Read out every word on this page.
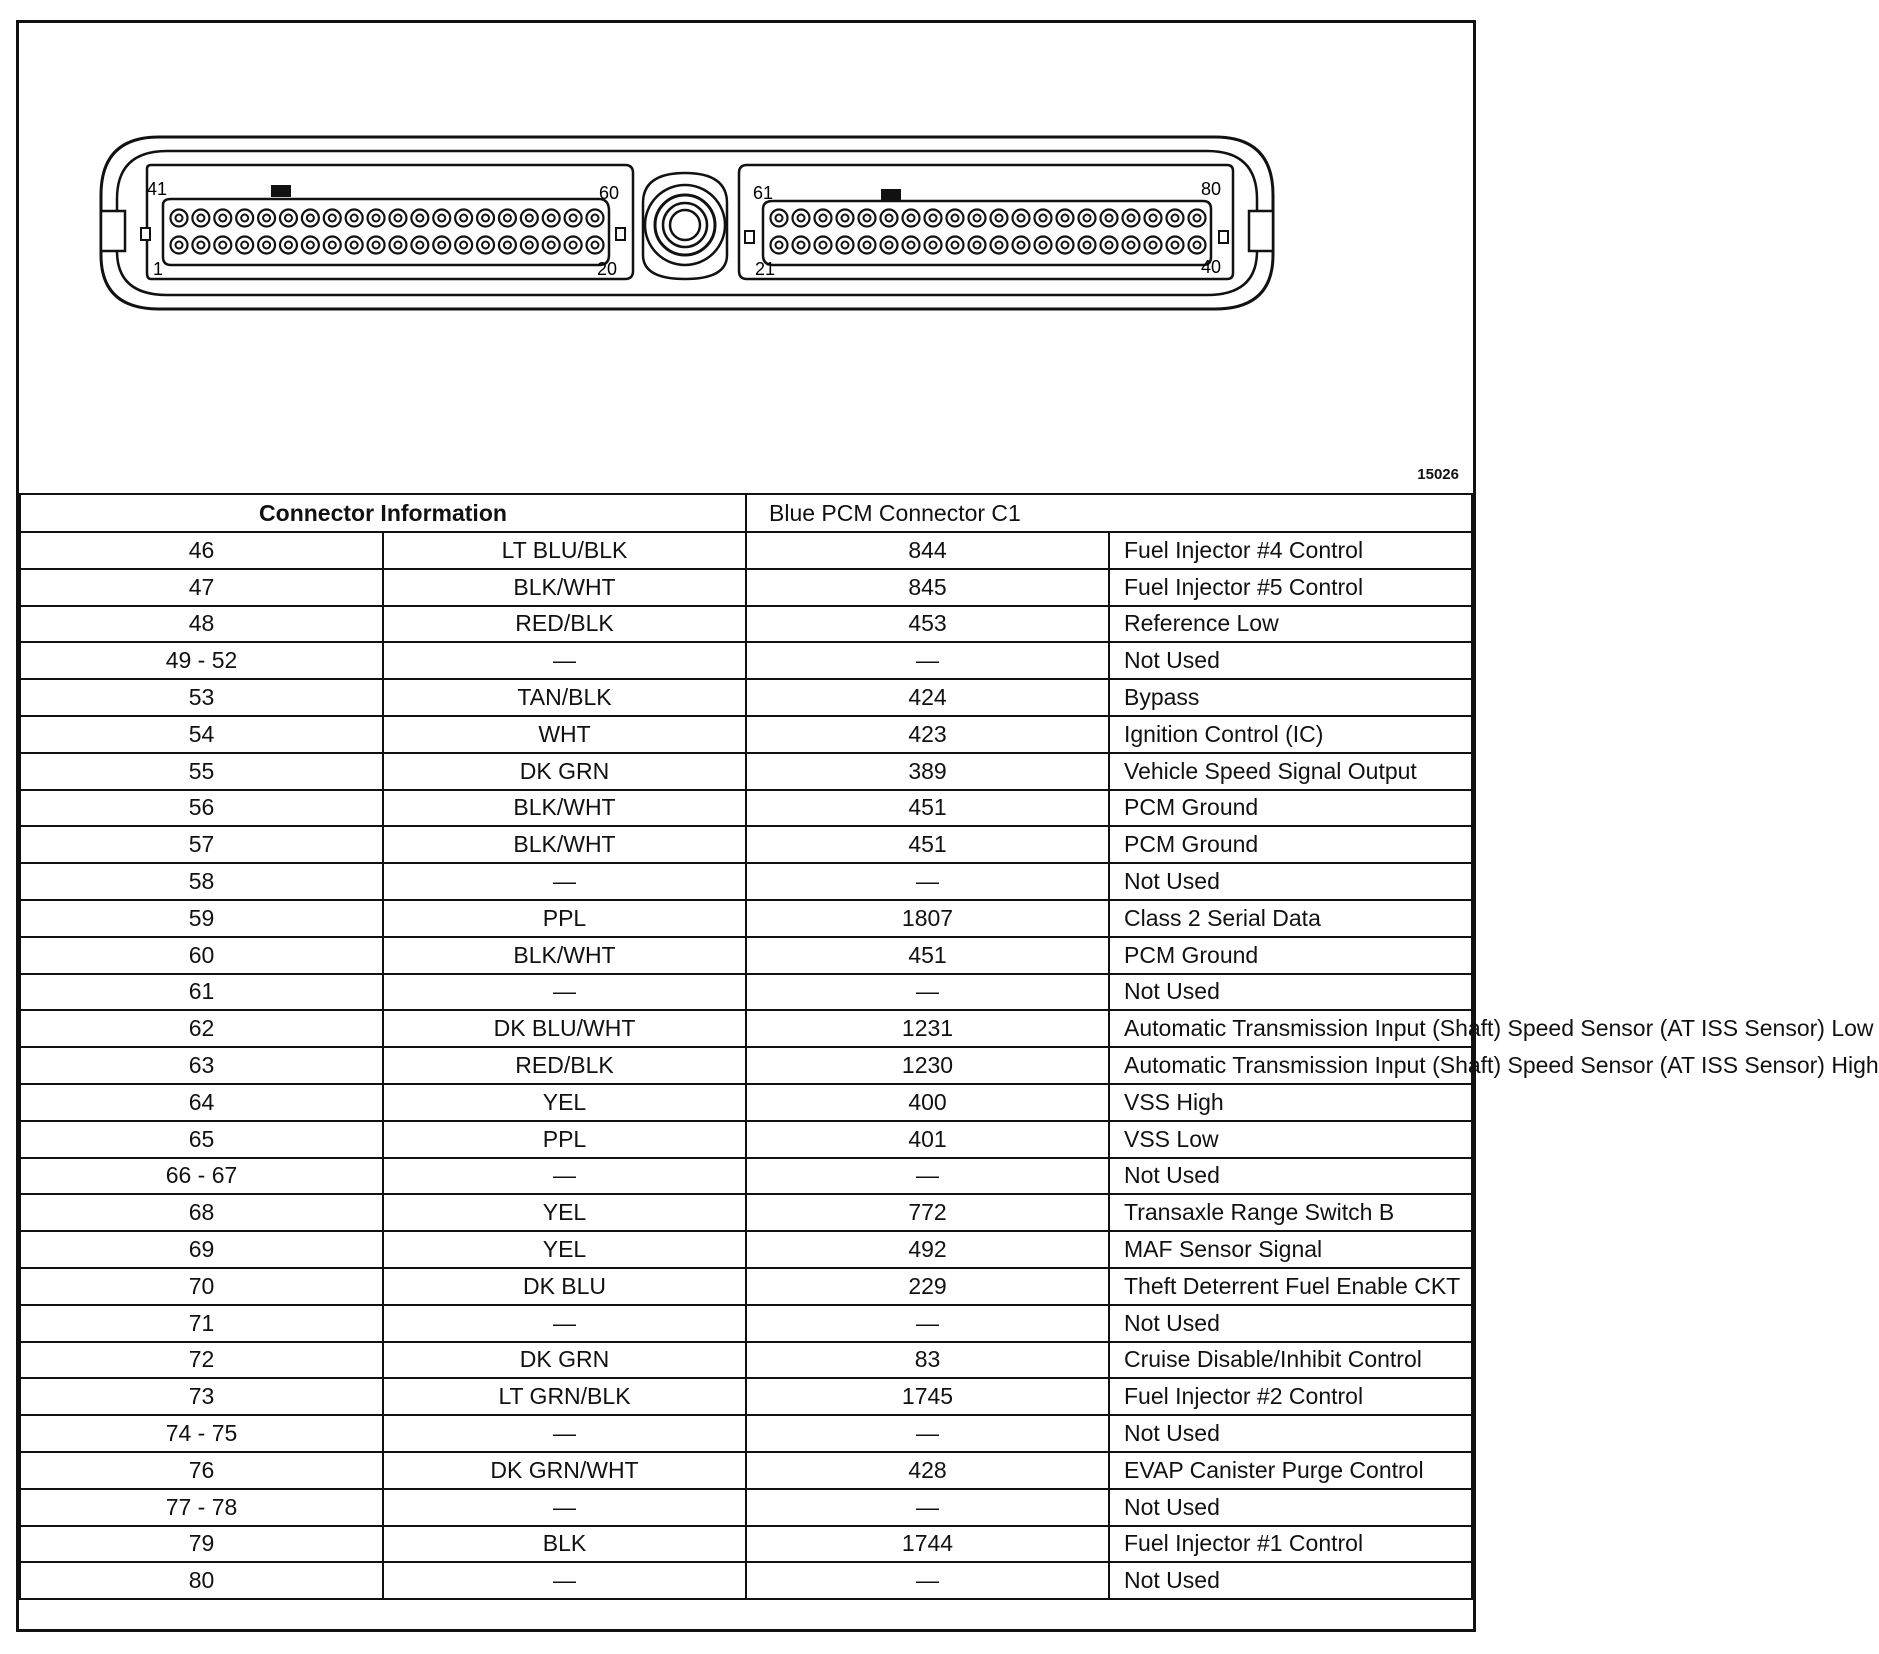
41	60
1	20
61	80
21	40
15026
Connector Information		Blue PCM Connector C1	
46	LT BLU/BLK	844	Fuel Injector #4 Control
47	BLK/WHT	845	Fuel Injector #5 Control
48	RED/BLK	453	Reference Low
49 - 52	—	—	Not Used
53	TAN/BLK	424	Bypass
54	WHT	423	Ignition Control (IC)
55	DK GRN	389	Vehicle Speed Signal Output
56	BLK/WHT	451	PCM Ground
57	BLK/WHT	451	PCM Ground
58	—	—	Not Used
59	PPL	1807	Class 2 Serial Data
60	BLK/WHT	451	PCM Ground
61	—	—	Not Used
62	DK BLU/WHT	1231	Automatic Transmission Input (Shaft) Speed Sensor (AT ISS Sensor) Low
63	RED/BLK	1230	Automatic Transmission Input (Shaft) Speed Sensor (AT ISS Sensor) High
64	YEL	400	VSS High
65	PPL	401	VSS Low
66 - 67	—	—	Not Used
68	YEL	772	Transaxle Range Switch B
69	YEL	492	MAF Sensor Signal
70	DK BLU	229	Theft Deterrent Fuel Enable CKT
71	—	—	Not Used
72	DK GRN	83	Cruise Disable/Inhibit Control
73	LT GRN/BLK	1745	Fuel Injector #2 Control
74 - 75	—	—	Not Used
76	DK GRN/WHT	428	EVAP Canister Purge Control
77 - 78	—	—	Not Used
79	BLK	1744	Fuel Injector #1 Control
80	—	—	Not Used
